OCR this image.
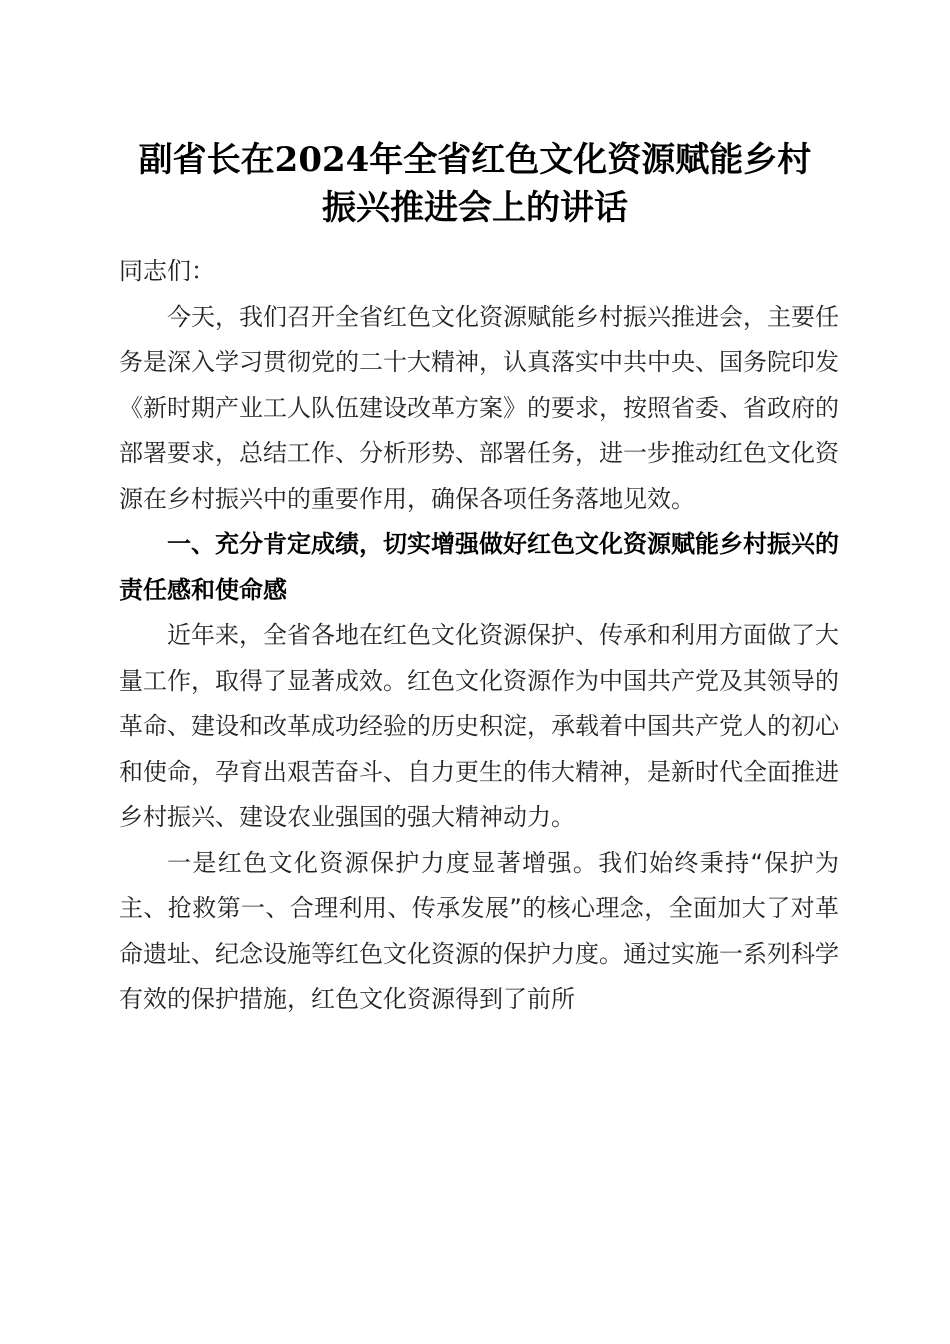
副省长在2024年全省红色文化资源赋能乡村
振兴推进会上的讲话

同志们：

今天，我们召开全省红色文化资源赋能乡村振兴推进会，主要任务是深入学习贯彻党的二十大精神，认真落实中共中央、国务院印发《新时期产业工人队伍建设改革方案》的要求，按照省委、省政府的部署要求，总结工作、分析形势、部署任务，进一步推动红色文化资源在乡村振兴中的重要作用，确保各项任务落地见效。

一、充分肯定成绩，切实增强做好红色文化资源赋能乡村振兴的责任感和使命感

近年来，全省各地在红色文化资源保护、传承和利用方面做了大量工作，取得了显著成效。红色文化资源作为中国共产党及其领导的革命、建设和改革成功经验的历史积淀，承载着中国共产党人的初心和使命，孕育出艰苦奋斗、自力更生的伟大精神，是新时代全面推进乡村振兴、建设农业强国的强大精神动力。

一是红色文化资源保护力度显著增强。我们始终秉持“保护为主、抢救第一、合理利用、传承发展”的核心理念，全面加大了对革命遗址、纪念设施等红色文化资源的保护力度。通过实施一系列科学有效的保护措施，红色文化资源得到了前所
